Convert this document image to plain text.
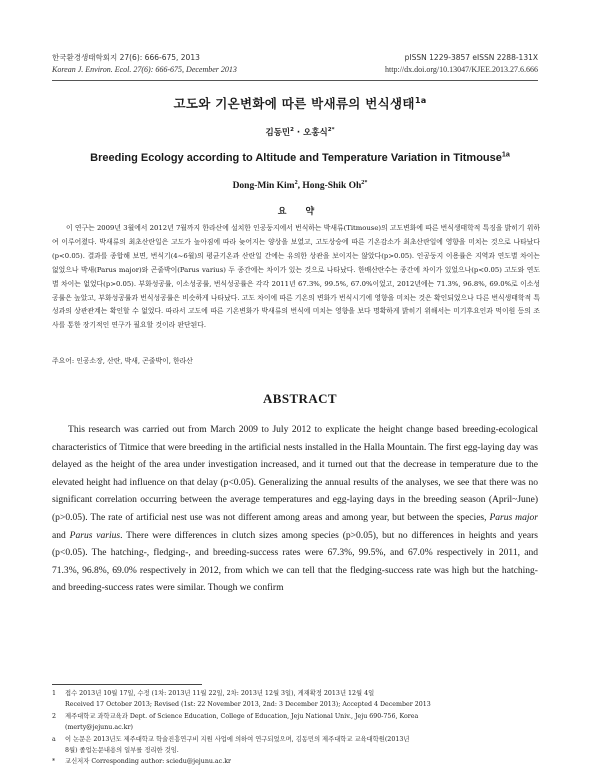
한국환경생태학회지 27(6): 666-675, 2013
Korean J. Environ. Ecol. 27(6): 666-675, December 2013
pISSN 1229-3857 eISSN 2288-131X
http://dx.doi.org/10.13047/KJEE.2013.27.6.666
고도와 기온변화에 따른 박새류의 번식생태$^{1a}$
김동민$^2$ · 오홍식$^{2*}$
Breeding Ecology according to Altitude and Temperature Variation in Titmouse$^{1a}$
Dong-Min Kim$^2$, Hong-Shik $Oh^{2*}$
요 약

이 연구는 2009년 3월에서 2012년 7월까지 한라산에 설치한 인공둥지에서 번식하는 박새류(Titmouse)의 고도변화에 따른 번식생태학적 특징을 밝히기 위하여 이루어졌다. 박새류의 최초산란일은 고도가 높아짐에 따라 늦어지는 양상을 보였고, 고도상승에 따른 기온감소가 최초산란일에 영향을 미치는 것으로 나타났다(p<0.05). 결과를 종합해 보면, 번식기(4~6월)의 평균기온과 산란일 간에는 유의한 상관을 보이지는 않았다(p>0.05). 인공둥지 이용률은 지역과 연도별 차이는 없었으나 박새(Parus major)와 곤줄박이(Parus varius) 두 종간에는 차이가 있는 것으로 나타났다. 한배산란수는 종간에 차이가 있었으나(p<0.05) 고도와 연도별 차이는 없었다(p>0.05). 부화성공률, 이소성공률, 번식성공률은 각각 2011년 67.3%, 99.5%, 67.0%이었고, 2012년에는 71.3%, 96.8%, 69.0%로 이소성공률은 높았고, 부화성공률과 번식성공률은 비슷하게 나타났다. 고도 차이에 따른 기온의 변화가 번식시기에 영향을 미치는 것은 확인되었으나 다른 번식생태학적 특성과의 상관관계는 확인할 수 없었다. 따라서 고도에 따른 기온변화가 박새류의 번식에 미치는 영향을 보다 명확하게 밝히기 위해서는 미기후요인과 먹이원 등의 조사를 통한 장기적인 연구가 필요할 것이라 판단된다.

주요어: 인공소장, 산란, 박새, 곤줄박이, 한라산
ABSTRACT

This research was carried out from March 2009 to July 2012 to explicate the height change based breeding-ecological characteristics of Titmice that were breeding in the artificial nests installed in the Halla Mountain. The first egg-laying day was delayed as the height of the area under investigation increased, and it turned out that the decrease in temperature due to the elevated height had influence on that delay (p<0.05). Generalizing the annual results of the analyses, we see that there was no significant correlation occurring between the average temperatures and egg-laying days in the breeding season (April~June) (p>0.05). The rate of artificial nest use was not different among areas and among year, but between the species, Parus major and Parus varius. There were differences in clutch sizes among species (p>0.05), but no differences in heights and years (p<0.05). The hatching-, fledging-, and breeding-success rates were 67.3%, 99.5%, and 67.0% respectively in 2011, and 71.3%, 96.8%, 69.0% respectively in 2012, from which we can tell that the fledging-success rate was high but the hatching- and breeding-success rates were similar. Though we confirm

1 접수 2013년 10월 17일, 수정 (1차: 2013년 11월 22일, 2차: 2013년 12월 3일), 게재확정 2013년 12월 4일
Received 17 October 2013; Revised (1st: 22 November 2013, 2nd: 3 December 2013); Accepted 4 December 2013
2 제주대학교 과학교육과 Dept. of Science Education, College of Education, Jeju National Univ., Jeju 690-756, Korea
(merty@jejunu.ac.kr)
a 이 논문은 2013년도 제주대학교 학술진흥연구비 지원 사업에 의하여 연구되었으며, 김동민의 제주대학교 교육대학원(2013년
8월) 졸업논문내용의 일부를 정리한 것임.
* 교신저자 Corresponding author: sciedu@jejunu.ac.kr
